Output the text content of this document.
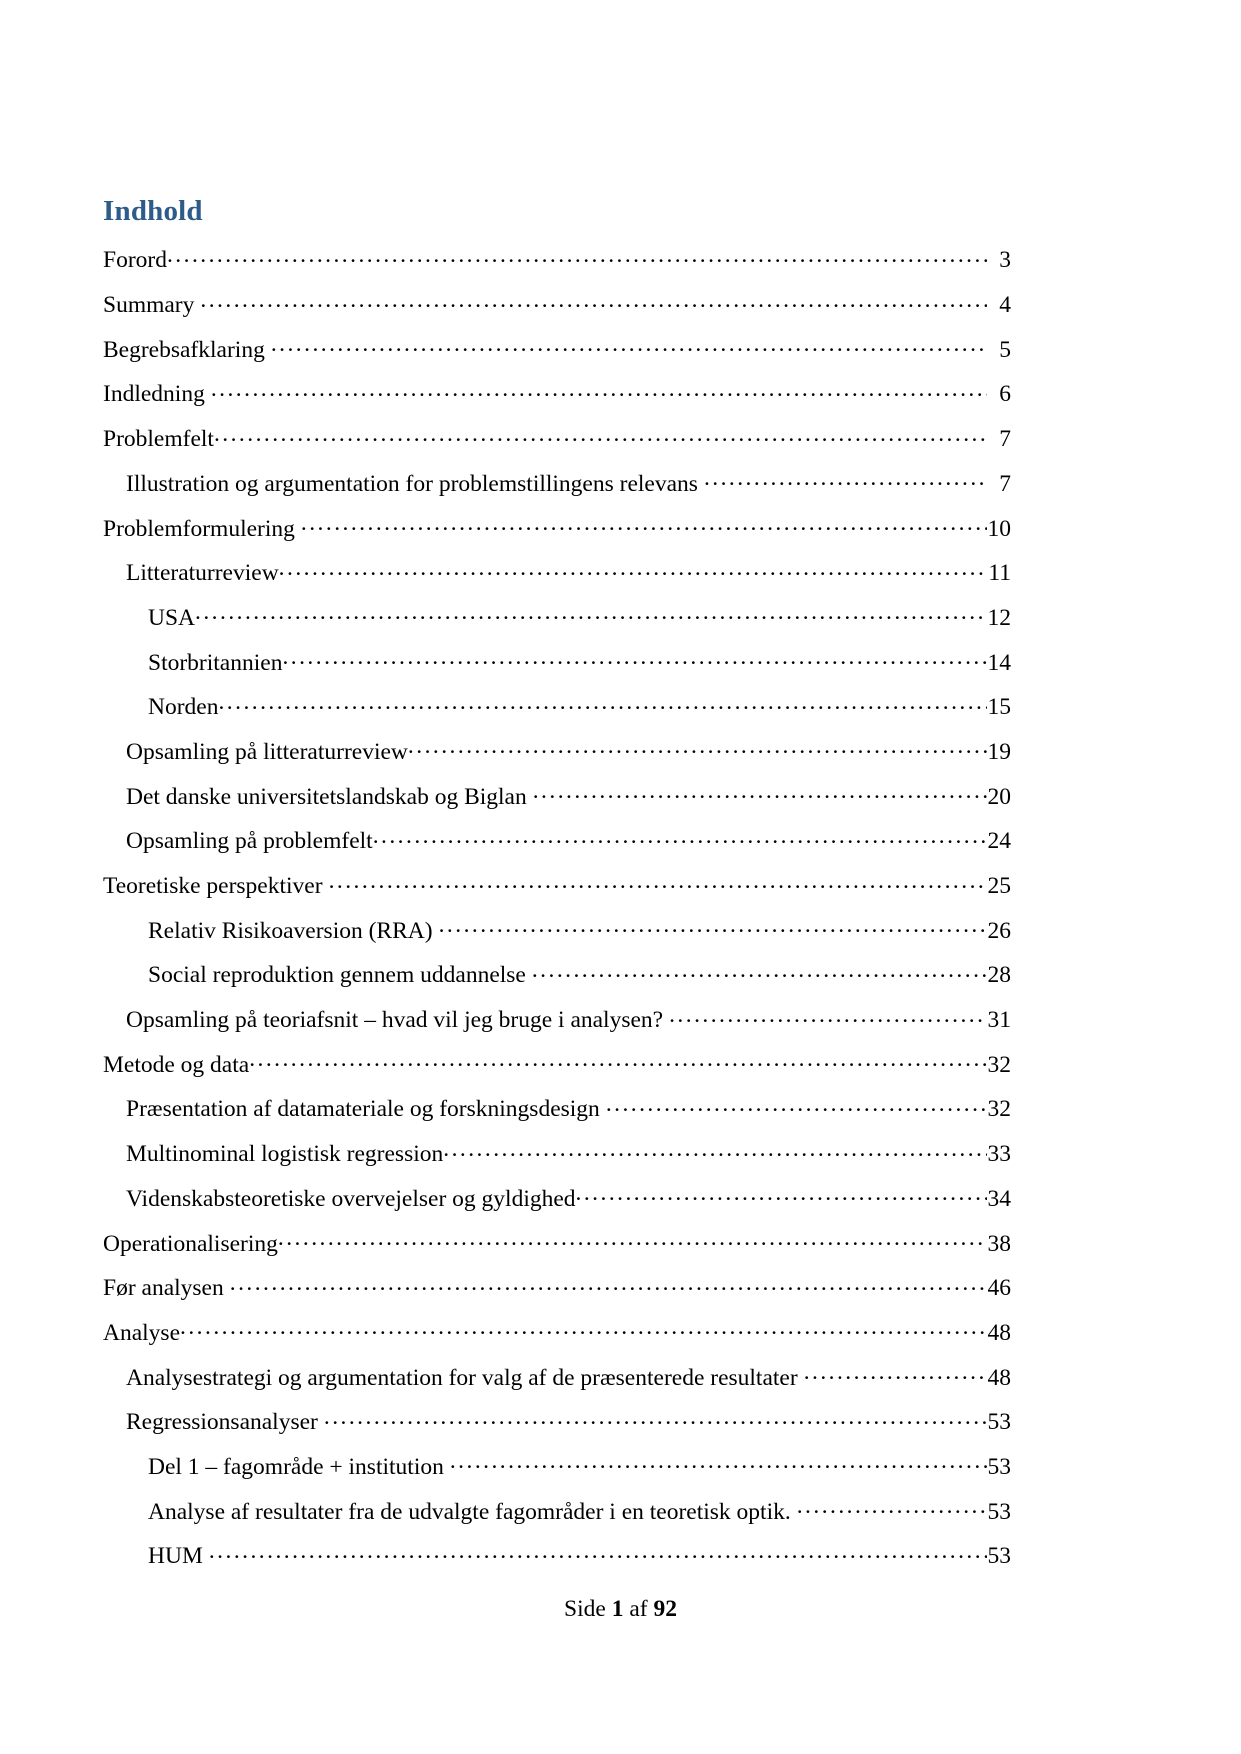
Indhold
Forord .....	3
Summary .....	4
Begrebsafklaring .....	5
Indledning .....	6
Problemfelt .....	7
Illustration og argumentation for problemstillingens relevans .....	7
Problemformulering .....	10
Litteraturreview .....	11
USA .....	12
Storbritannien .....	14
Norden .....	15
Opsamling på litteraturreview .....	19
Det danske universitetslandskab og Biglan .....	20
Opsamling på problemfelt .....	24
Teoretiske perspektiver .....	25
Relativ Risikoaversion (RRA) .....	26
Social reproduktion gennem uddannelse .....	28
Opsamling på teoriafsnit – hvad vil jeg bruge i analysen? .....	31
Metode og data .....	32
Præsentation af datamateriale og forskningsdesign .....	32
Multinominal logistisk regression .....	33
Videnskabsteoretiske overvejelser og gyldighed .....	34
Operationalisering .....	38
Før analysen .....	46
Analyse .....	48
Analysestrategi og argumentation for valg af de præsenterede resultater .....	48
Regressionsanalyser .....	53
Del 1 – fagområde + institution .....	53
Analyse af resultater fra de udvalgte fagområder i en teoretisk optik. .....	53
HUM .....	53
Side 1 af 92
